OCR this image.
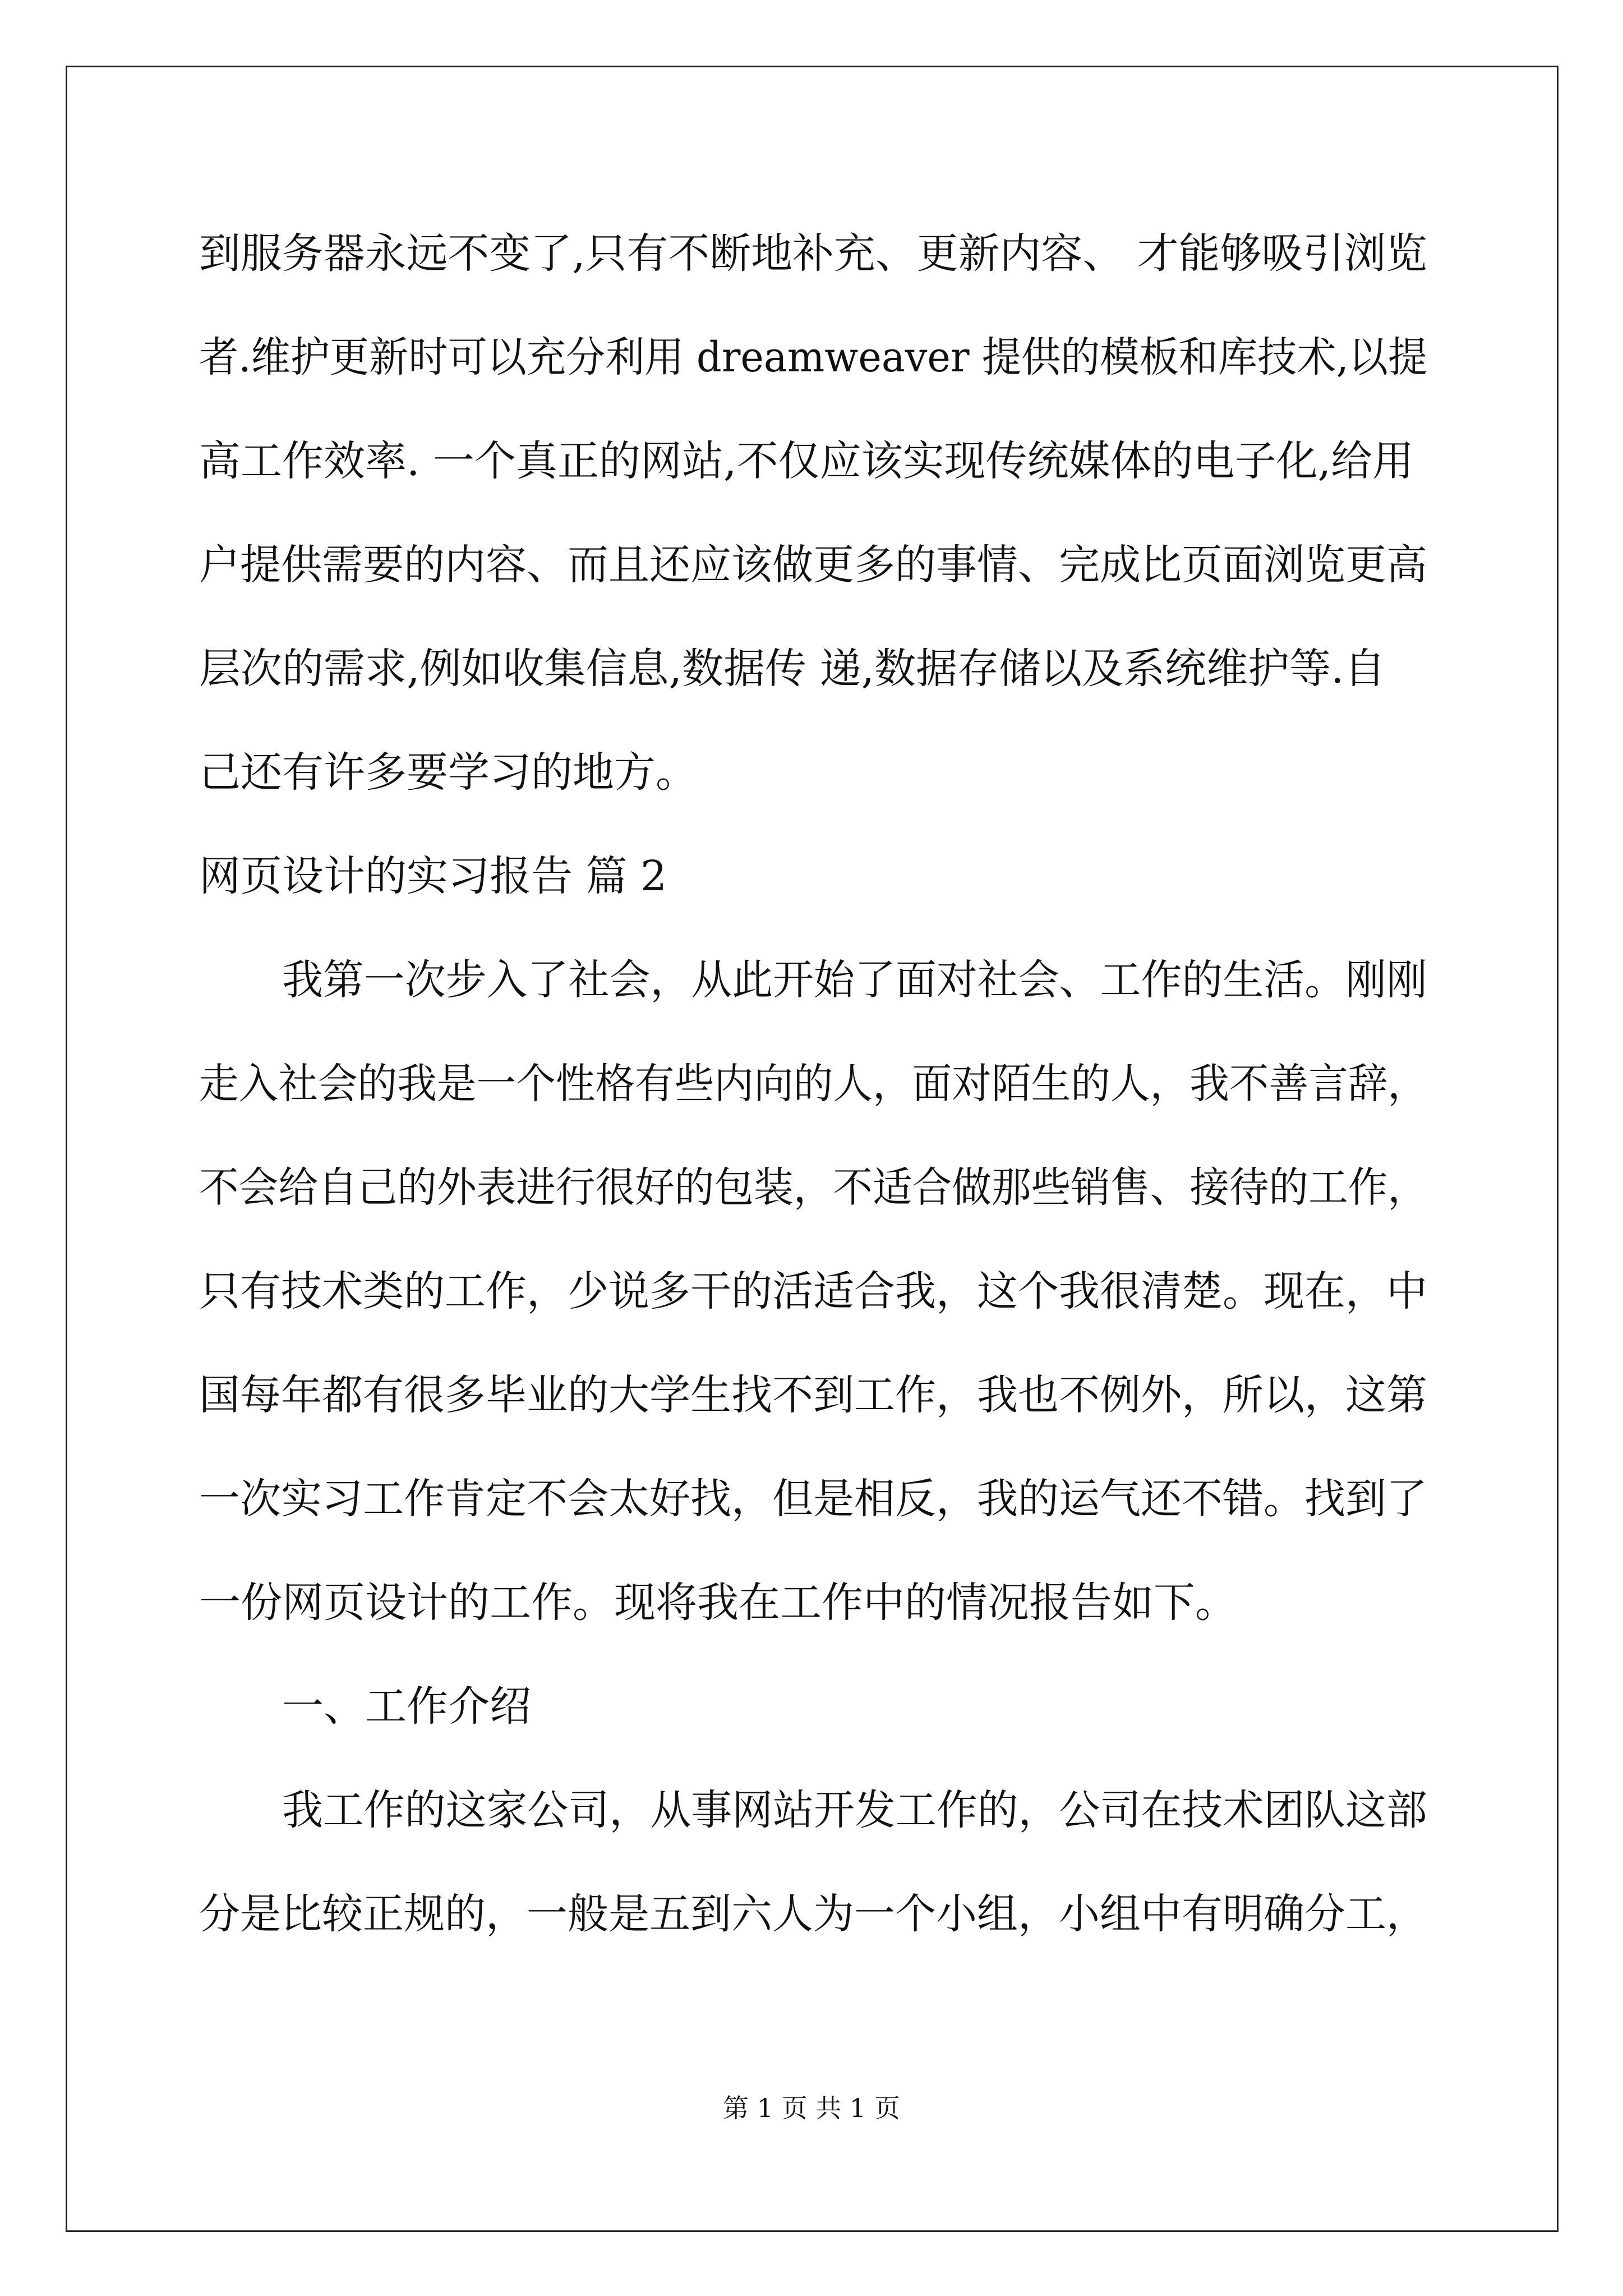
到服务器永远不变了,只有不断地补充、更新内容、 才能够吸引浏览
者.维护更新时可以充分利用 dreamweaver 提供的模板和库技术,以提
高工作效率. 一个真正的网站,不仅应该实现传统媒体的电子化,给用
户提供需要的内容、而且还应该做更多的事情、完成比页面浏览更高
层次的需求,例如收集信息,数据传 递,数据存储以及系统维护等.自
己还有许多要学习的地方。
网页设计的实习报告 篇 2
我第一次步入了社会，从此开始了面对社会、工作的生活。刚刚
走入社会的我是一个性格有些内向的人，面对陌生的人，我不善言辞，
不会给自己的外表进行很好的包装，不适合做那些销售、接待的工作，
只有技术类的工作，少说多干的活适合我，这个我很清楚。现在，中
国每年都有很多毕业的大学生找不到工作，我也不例外，所以，这第
一次实习工作肯定不会太好找，但是相反，我的运气还不错。找到了
一份网页设计的工作。现将我在工作中的情况报告如下。
一、工作介绍
我工作的这家公司，从事网站开发工作的，公司在技术团队这部
分是比较正规的，一般是五到六人为一个小组，小组中有明确分工，
第 1 页 共 1 页
